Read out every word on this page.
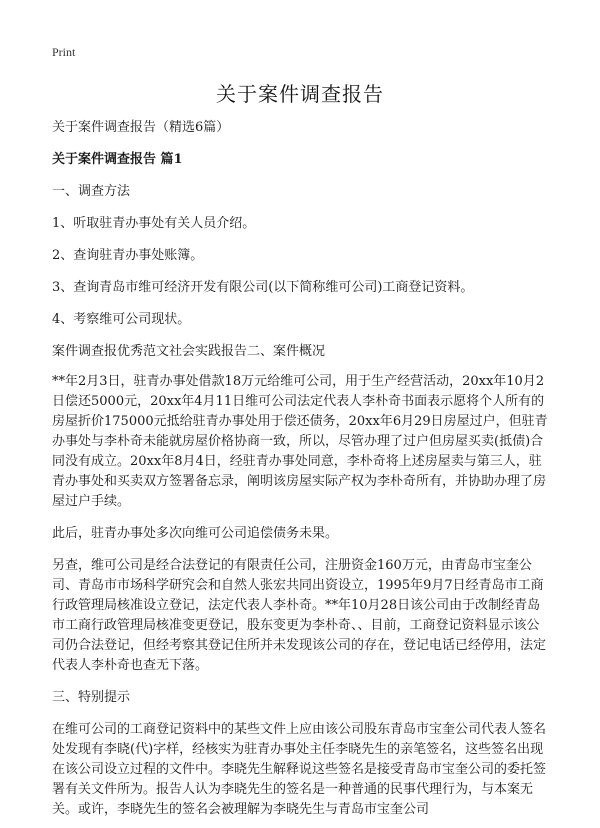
Print
关于案件调查报告

关于案件调查报告（精选6篇）

关于案件调查报告 篇1

一、调查方法

1、听取驻青办事处有关人员介绍。

2、查询驻青办事处账簿。

3、查询青岛市维可经济开发有限公司(以下简称维可公司)工商登记资料。

4、考察维可公司现状。

案件调查报优秀范文社会实践报告二、案件概况

**年2月3日，驻青办事处借款18万元给维可公司，用于生产经营活动，20xx年10月2日偿还5000元，20xx年4月11日维可公司法定代表人李朴奇书面表示愿将个人所有的房屋折价175000元抵给驻青办事处用于偿还债务，20xx年6月29日房屋过户，但驻青办事处与李朴奇未能就房屋价格协商一致，所以，尽管办理了过户但房屋买卖(抵债)合同没有成立。20xx年8月4日，经驻青办事处同意，李朴奇将上述房屋卖与第三人，驻青办事处和买卖双方签署备忘录，阐明该房屋实际产权为李朴奇所有，并协助办理了房屋过户手续。

此后，驻青办事处多次向维可公司追偿债务未果。

另查，维可公司是经合法登记的有限责任公司，注册资金160万元，由青岛市宝奎公司、青岛市市场科学研究会和自然人张宏共同出资设立，1995年9月7日经青岛市工商行政管理局核准设立登记，法定代表人李朴奇。**年10月28日该公司由于改制经青岛市工商行政管理局核准变更登记，股东变更为李朴奇、、目前，工商登记资料显示该公司仍合法登记，但经考察其登记住所并未发现该公司的存在，登记电话已经停用，法定代表人李朴奇也查无下落。

三、特别提示

在维可公司的工商登记资料中的某些文件上应由该公司股东青岛市宝奎公司代表人签名处发现有李晓(代)字样，经核实为驻青办事处主任李晓先生的亲笔签名，这些签名出现在该公司设立过程的文件中。李晓先生解释说这些签名是接受青岛市宝奎公司的委托签署有关文件所为。报告人认为李晓先生的签名是一种普通的民事代理行为，与本案无关。或许，李晓先生的签名会被理解为李晓先生与青岛市宝奎公司
